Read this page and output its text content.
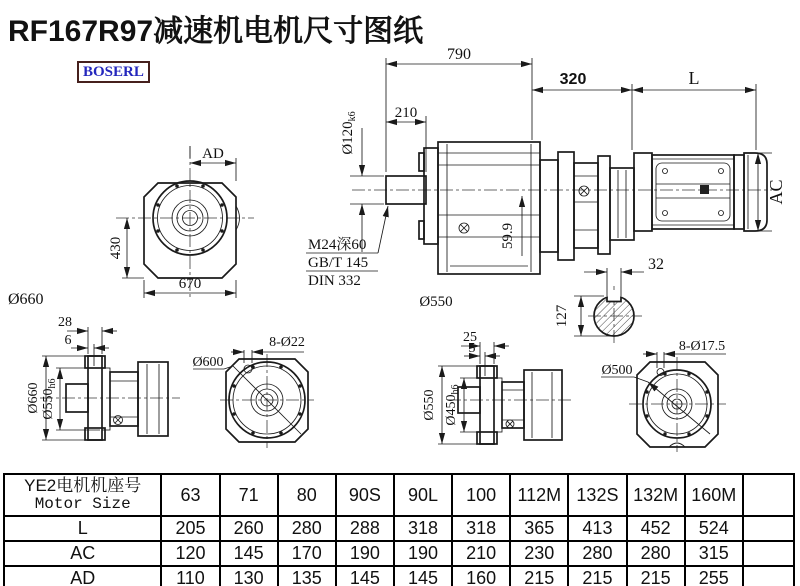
RF167R97减速机电机尺寸图纸
BOSERL
AD
430
670
Ø660
790
210
$Ø120_{k6}$
320	L
AC
59.9
M24深60
GB/T 145
DIN 332
Ø550
32
127
28
6
Ø660 $Ø550_{h6}$
Ø600
8-Ø22	25
5
Ø550 $Ø450_{h6}$
Ø500
8-Ø17.5
YE2电机机座号
Motor Size	63	71	80	90S	90L	100	112M	132S	132M	160M	
L	205	260	280	288	318	318	365	413	452	524	
AC	120	145	170	190	190	210	230	280	280	315	
AD	110	130	135	145	145	160	215	215	215	255	
